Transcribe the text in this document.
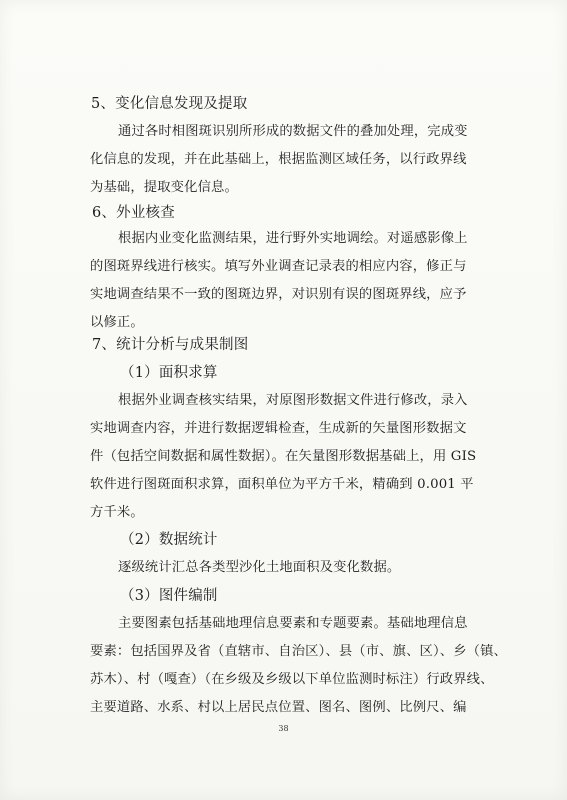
5、变化信息发现及提取
通过各时相图斑识别所形成的数据文件的叠加处理，完成变
化信息的发现，并在此基础上，根据监测区域任务，以行政界线
为基础，提取变化信息。
6、外业核查
根据内业变化监测结果，进行野外实地调绘。对遥感影像上
的图斑界线进行核实。填写外业调查记录表的相应内容，修正与
实地调查结果不一致的图斑边界，对识别有误的图斑界线，应予
以修正。
7、统计分析与成果制图
（1）面积求算
根据外业调查核实结果，对原图形数据文件进行修改，录入
实地调查内容，并进行数据逻辑检查，生成新的矢量图形数据文
件（包括空间数据和属性数据）。在矢量图形数据基础上，用 GIS
软件进行图斑面积求算，面积单位为平方千米，精确到 0.001 平
方千米。
（2）数据统计
逐级统计汇总各类型沙化土地面积及变化数据。
（3）图件编制
主要图素包括基础地理信息要素和专题要素。基础地理信息
要素：包括国界及省（直辖市、自治区）、县（市、旗、区）、乡（镇、
苏木）、村（嘎查）（在乡级及乡级以下单位监测时标注）行政界线、
主要道路、水系、村以上居民点位置、图名、图例、比例尺、编
38
